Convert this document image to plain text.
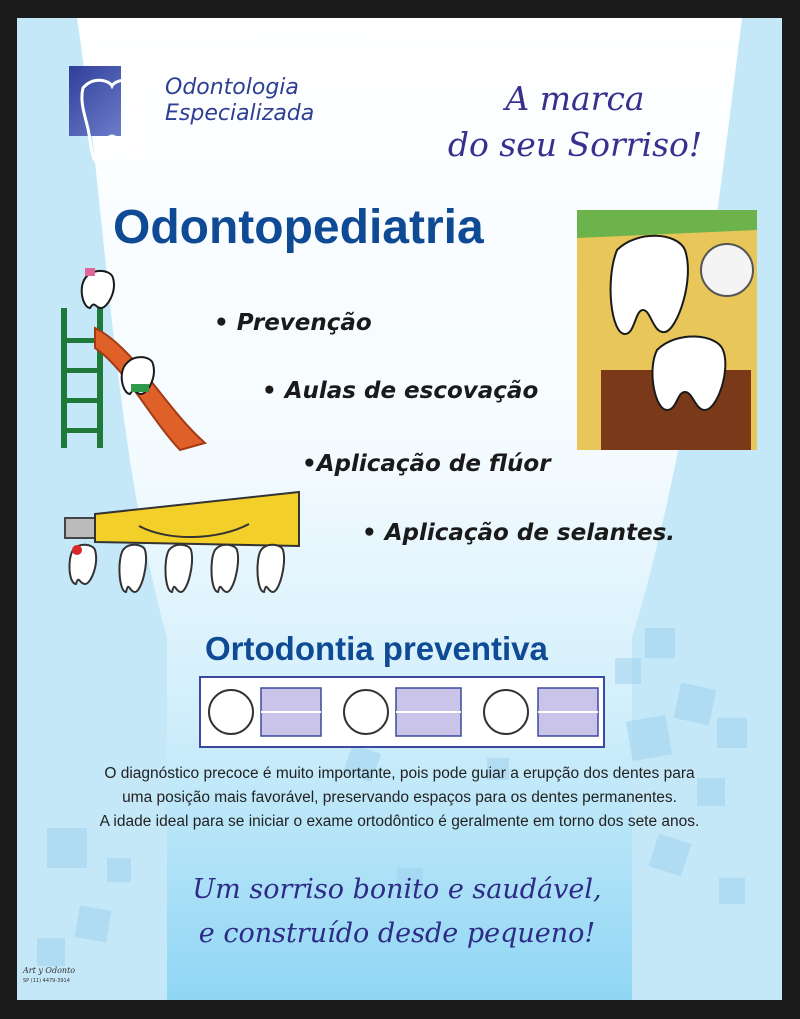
Odontologia
Especializada	A marca
do seu Sorriso!
Odontopediatria
• Prevenção
• Aulas de escovação
•Aplicação de flúor
• Aplicação de selantes.
Ortodontia preventiva
O diagnóstico precoce é muito importante, pois pode guiar a erupção dos dentes para
uma posição mais favorável, preservando espaços para os dentes permanentes.
A idade ideal para se iniciar o exame ortodôntico é geralmente em torno dos sete anos.
Um sorriso bonito e saudável,
e construído desde pequeno!
Art y Odonto
SP (11) 4479-3914
